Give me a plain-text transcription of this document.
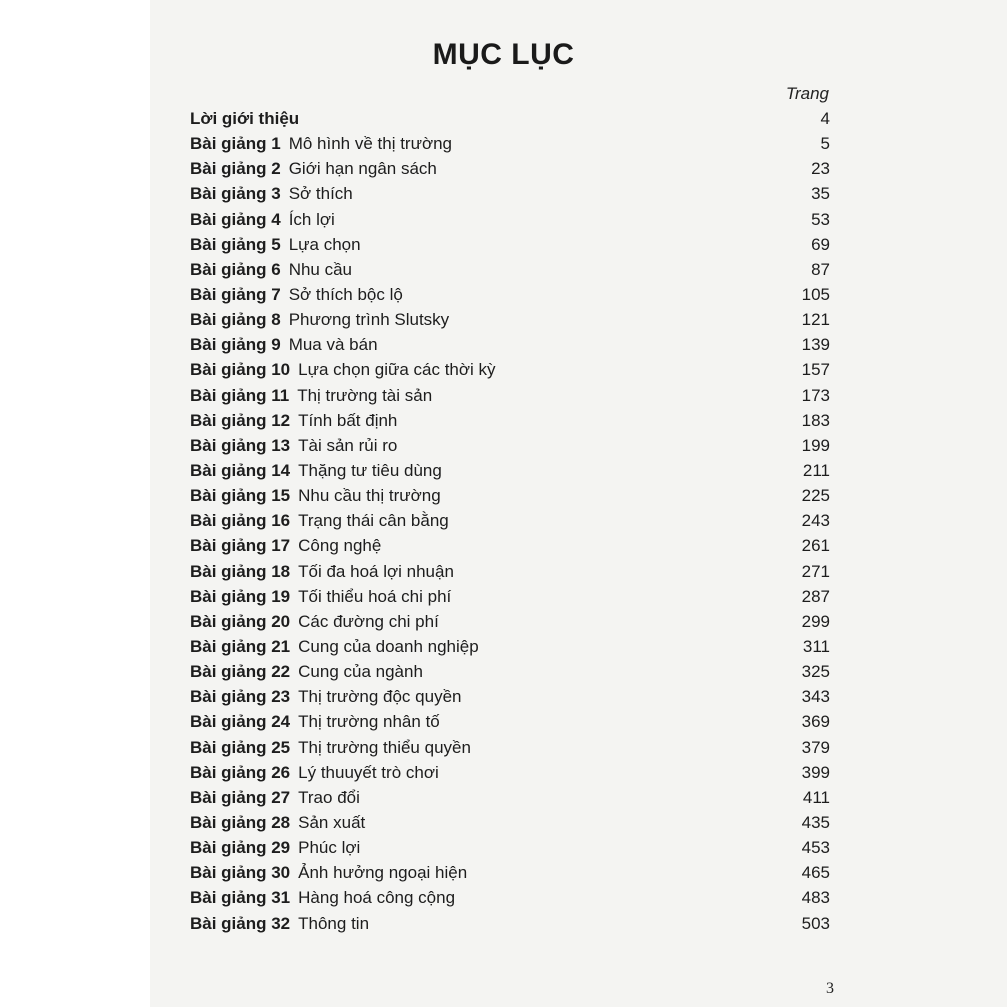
MỤC LỤC
Trang
Lời giới thiệu	4
Bài giảng 1 Mô hình về thị trường	5
Bài giảng 2 Giới hạn ngân sách	23
Bài giảng 3 Sở thích	35
Bài giảng 4 Ích lợi	53
Bài giảng 5 Lựa chọn	69
Bài giảng 6 Nhu cầu	87
Bài giảng 7 Sở thích bộc lộ	105
Bài giảng 8 Phương trình Slutsky	121
Bài giảng 9 Mua và bán	139
Bài giảng 10 Lựa chọn giữa các thời kỳ	157
Bài giảng 11 Thị trường tài sản	173
Bài giảng 12 Tính bất định	183
Bài giảng 13 Tài sản rủi ro	199
Bài giảng 14 Thặng tư tiêu dùng	211
Bài giảng 15 Nhu cầu thị trường	225
Bài giảng 16 Trạng thái cân bằng	243
Bài giảng 17 Công nghệ	261
Bài giảng 18 Tối đa hoá lợi nhuận	271
Bài giảng 19 Tối thiểu hoá chi phí	287
Bài giảng 20 Các đường chi phí	299
Bài giảng 21 Cung của doanh nghiệp	311
Bài giảng 22 Cung của ngành	325
Bài giảng 23 Thị trường độc quyền	343
Bài giảng 24 Thị trường nhân tố	369
Bài giảng 25 Thị trường thiểu quyền	379
Bài giảng 26 Lý thuuyết trò chơi	399
Bài giảng 27 Trao đổi	411
Bài giảng 28 Sản xuất	435
Bài giảng 29 Phúc lợi	453
Bài giảng 30 Ảnh hưởng ngoại hiện	465
Bài giảng 31 Hàng hoá công cộng	483
Bài giảng 32 Thông tin	503
3
